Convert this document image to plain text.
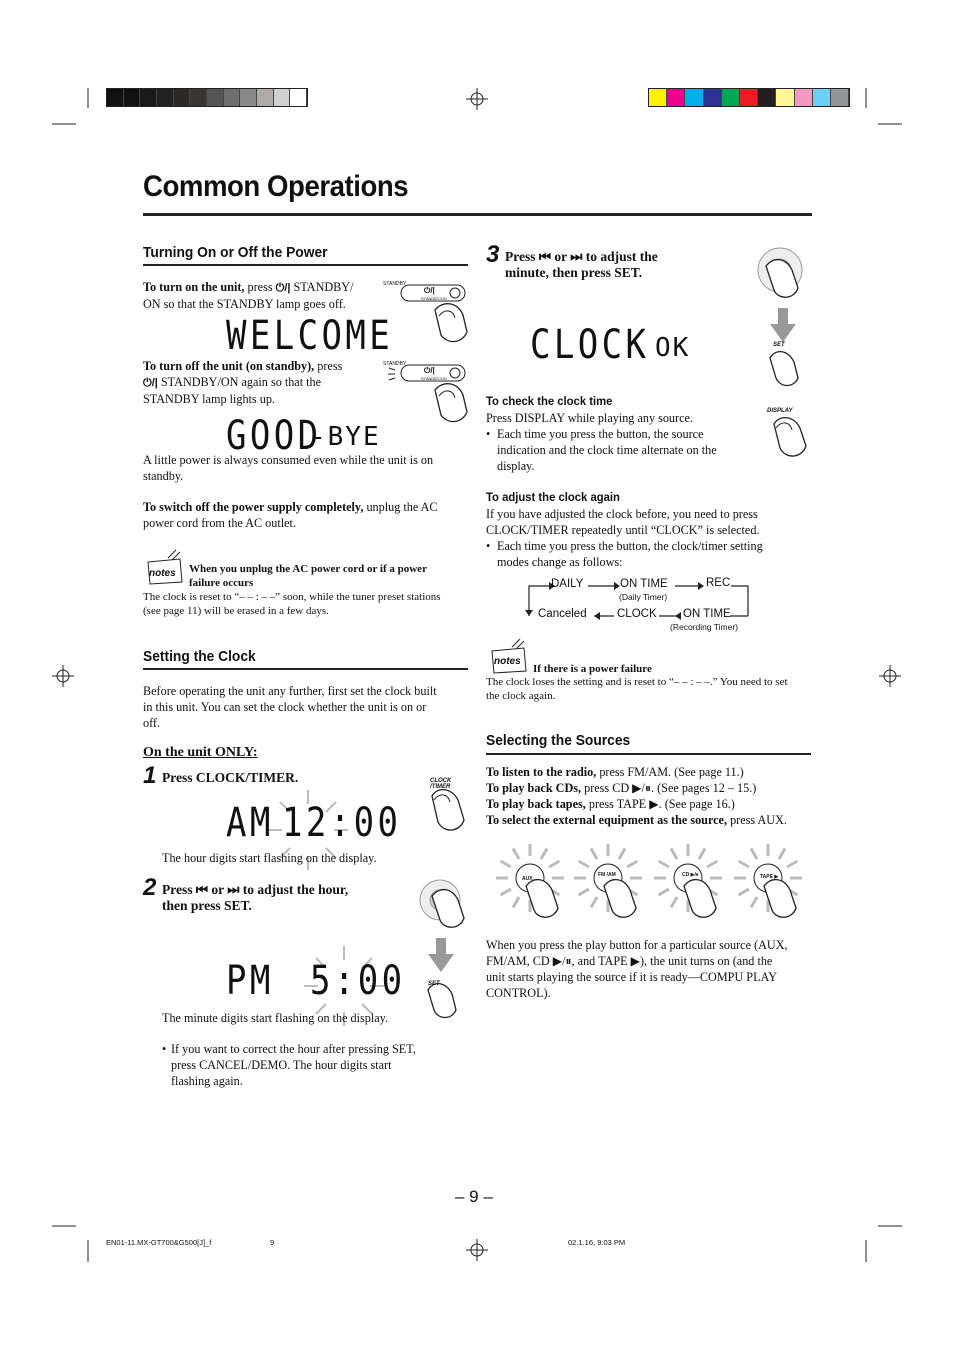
Common Operations
Turning On or Off the Power
To turn on the unit, press ⏻/| STANDBY/
ON so that the STANDBY lamp goes off.
STANDBY
⏻/|
STANDBY/ON
WELCOME
To turn off the unit (on standby), press
⏻/| STANDBY/ON again so that the
STANDBY lamp lights up.
STANDBY
⏻/|
STANDBY/ON
GOOD
-BYE
A little power is always consumed even while the unit is on
standby.
To switch off the power supply completely, unplug the AC
power cord from the AC outlet.
notes When you unplug the AC power cord or if a power
failure occurs
The clock is reset to “– – : – –” soon, while the tuner preset stations
(see page 11) will be erased in a few days.
Setting the Clock
Before operating the unit any further, first set the clock built
in this unit. You can set the clock whether the unit is on or
off.
On the unit ONLY:
1 Press CLOCK/TIMER.	CLOCK
/TIMER
AM 12:00
The hour digits start flashing on the display.
2 Press ⏮ or ⏭ to adjust the hour,
then press SET.
SET
PM 5:00
The minute digits start flashing on the display.
• If you want to correct the hour after pressing SET,
press CANCEL/DEMO. The hour digits start
flashing again.
3 Press ⏮ or ⏭ to adjust the
minute, then press SET.
SET
CLOCK OK
To check the clock time
Press DISPLAY while playing any source.
• Each time you press the button, the source
indication and the clock time alternate on the
display.
DISPLAY
To adjust the clock again
If you have adjusted the clock before, you need to press
CLOCK/TIMER repeatedly until “CLOCK” is selected.
• Each time you press the button, the clock/timer setting
modes change as follows:
DAILY	ON TIME
(Daily Timer)
REC
Canceled	CLOCK ON TIME
(Recording Timer)
notes
If there is a power failure
The clock loses the setting and is reset to “– – : – –.” You need to set
the clock again.
Selecting the Sources
To listen to the radio, press FM/AM. (See page 11.)
To play back CDs, press CD ▶/⏸. (See pages 12 – 15.)
To play back tapes, press TAPE ▶. (See page 16.)
To select the external equipment as the source, press AUX.
AUX
FM /AM	CD ▶/⏸	TAPE ▶
When you press the play button for a particular source (AUX,
FM/AM, CD ▶/⏸, and TAPE ▶), the unit turns on (and the
unit starts playing the source if it is ready—COMPU PLAY
CONTROL).
– 9 –
EN01-11.MX-GT700&G500[J]_f	9	02.1.16, 9:03 PM
